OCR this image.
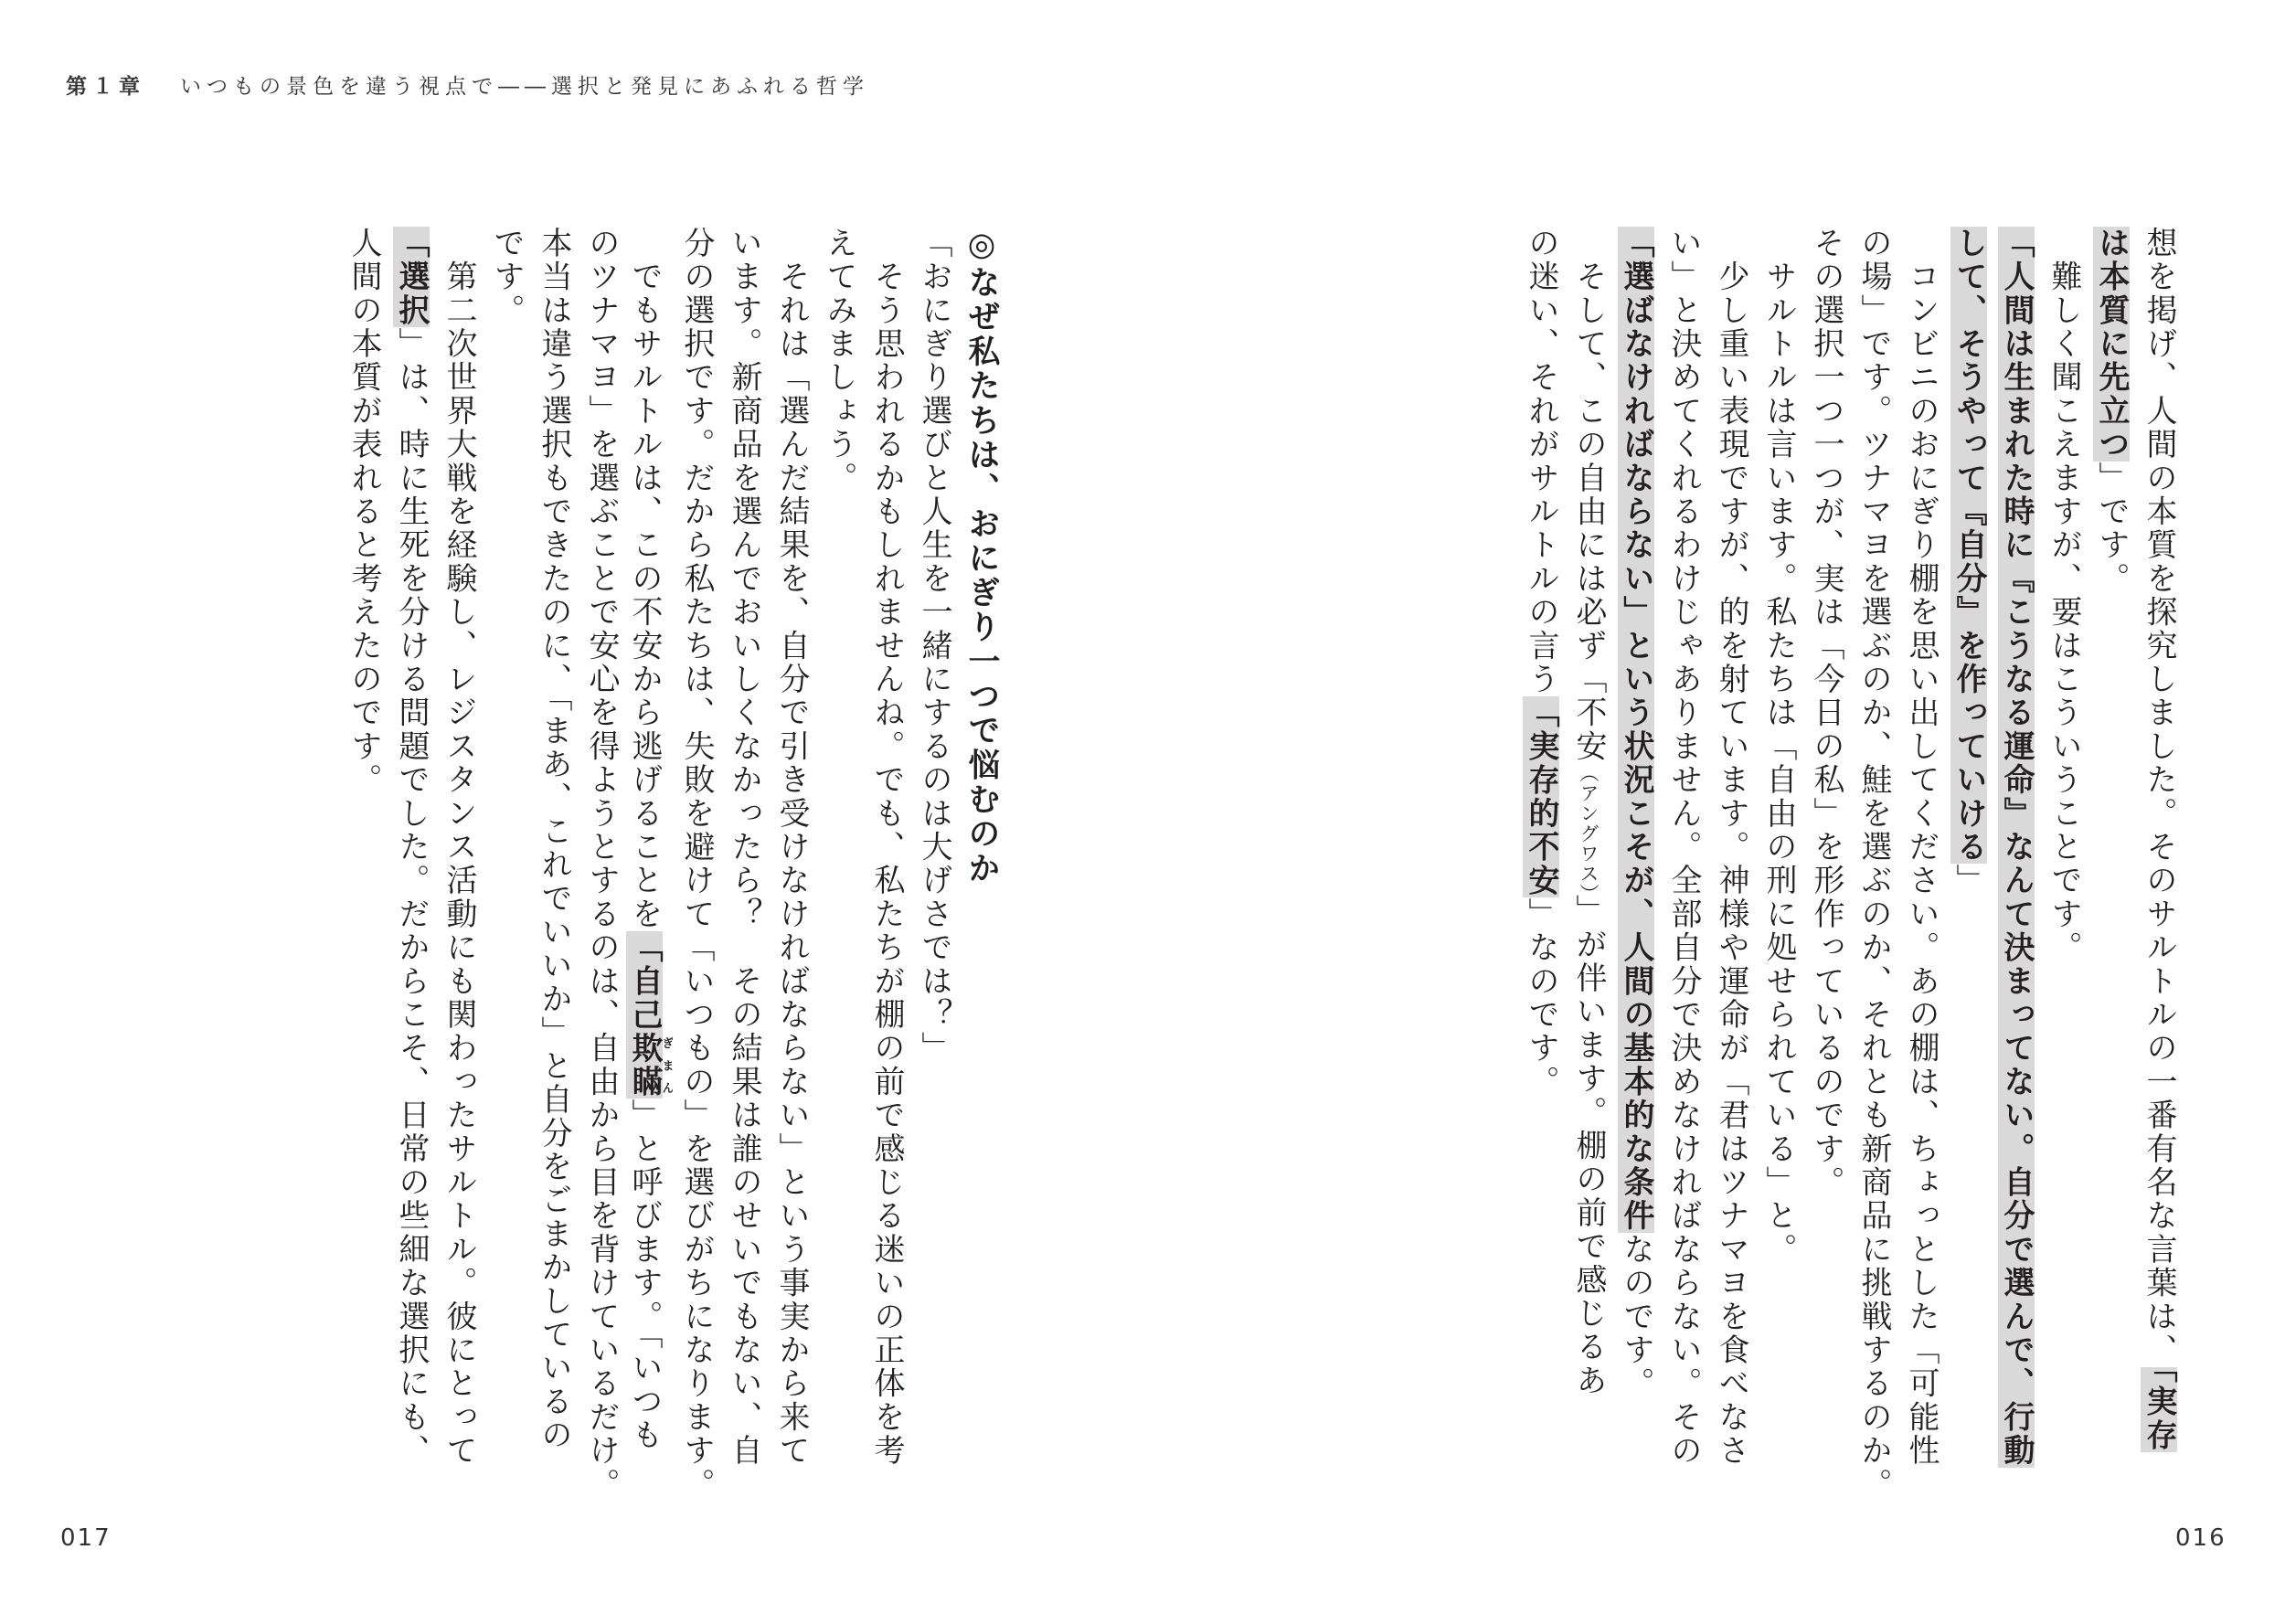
第１章 いつもの景色を違う視点で――選択と発見にあふれる哲学
想を掲げ、人間の本質を探究しました。そのサルトルの一番有名な言葉は、「実存
は本質に先立つ」です。
　難しく聞こえますが、要はこういうことです。
「人間は生まれた時に『こうなる運命』なんて決まってない。自分で選んで、行動
して、そうやって『自分』を作っていける」
　コンビニのおにぎり棚を思い出してください。あの棚は、ちょっとした「可能性
の場」です。ツナマヨを選ぶのか、鮭を選ぶのか、それとも新商品に挑戦するのか。
その選択一つ一つが、実は「今日の私」を形作っているのです。
　サルトルは言います。私たちは「自由の刑に処せられている」と。
　少し重い表現ですが、的を射ています。神様や運命が「君はツナマヨを食べなさ
い」と決めてくれるわけじゃありません。全部自分で決めなければならない。その
「選ばなければならない」という状況こそが、人間の基本的な条件なのです。
　そして、この自由には必ず「不安（アングワス）」が伴います。棚の前で感じるあ
の迷い、それがサルトルの言う「実存的不安」なのです。
◎なぜ私たちは、おにぎり一つで悩むのか
「おにぎり選びと人生を一緒にするのは大げさでは？」
　そう思われるかもしれませんね。でも、私たちが棚の前で感じる迷いの正体を考
えてみましょう。
　それは「選んだ結果を、自分で引き受けなければならない」という事実から来て
います。新商品を選んでおいしくなかったら？　その結果は誰のせいでもない、自
分の選択です。だから私たちは、失敗を避けて「いつもの」を選びがちになります。
　でもサルトルは、この不安から逃げることを「自己欺瞞ぎまん」と呼びます。「いつも
のツナマヨ」を選ぶことで安心を得ようとするのは、自由から目を背けているだけ。
本当は違う選択もできたのに、「まあ、これでいいか」と自分をごまかしているの
です。
　第二次世界大戦を経験し、レジスタンス活動にも関わったサルトル。彼にとって
「選択」は、時に生死を分ける問題でした。だからこそ、日常の些細な選択にも、
人間の本質が表れると考えたのです。
017	016
